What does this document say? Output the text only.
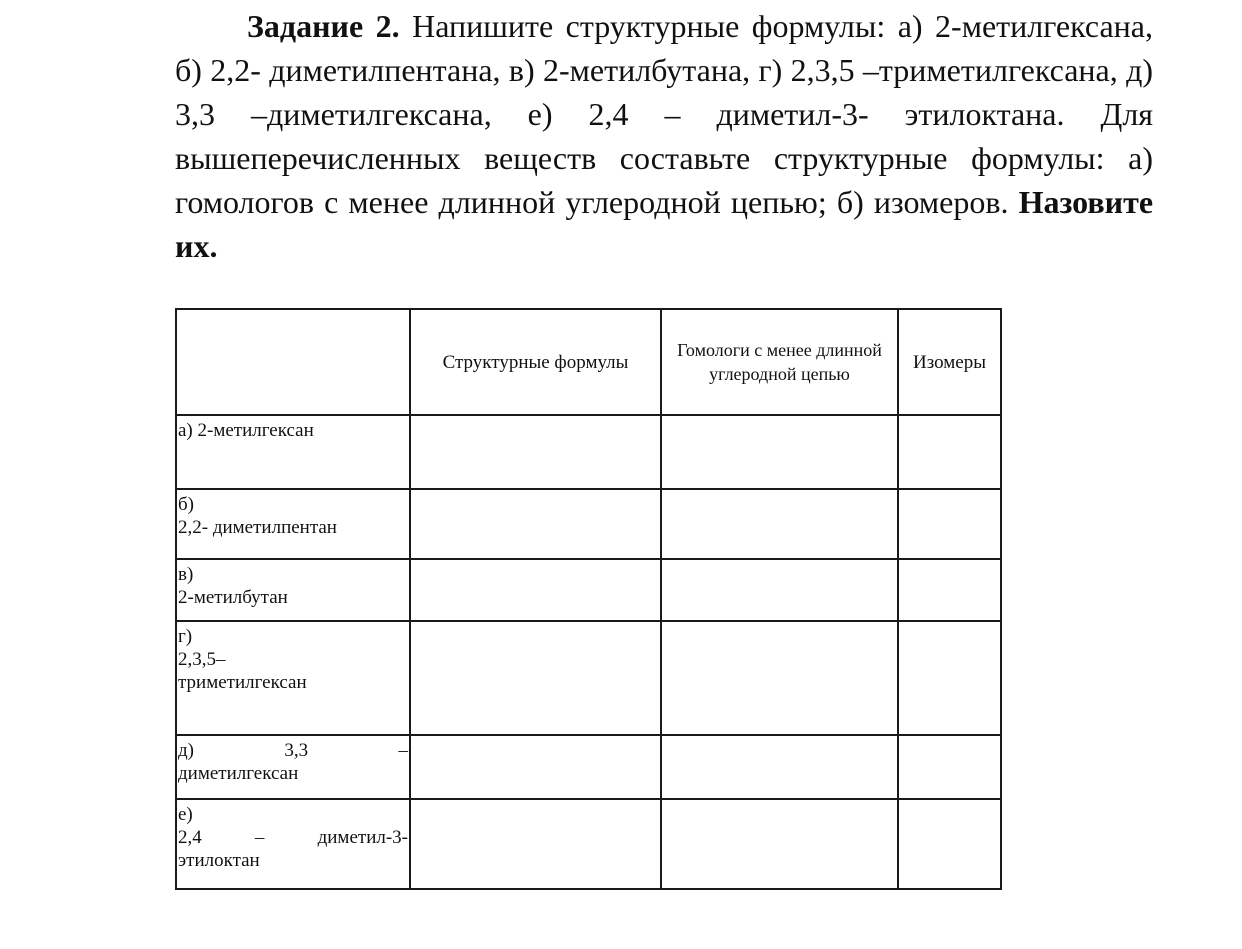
Задание 2. Напишите структурные формулы: а) 2-метилгексана, б) 2,2- диметилпентана, в) 2-метилбутана, г) 2,3,5 –триметилгексана, д) 3,3 –диметилгексана, е) 2,4 – диметил-3- этилоктана. Для вышеперечисленных веществ составьте структурные формулы: а) гомологов с менее длинной углеродной цепью; б) изомеров. Назовите их.

	Структурные формулы	Гомологи с менее длинной углеродной цепью	Изомеры

а) 2-метилгексан			

б)
2,2- диметилпентан			

в)
2-метилбутан			

г)
2,3,5–
триметилгексан			

д) 3,3 –
диметилгексан			

е)
2,4 – диметил-3-
этилоктан			
